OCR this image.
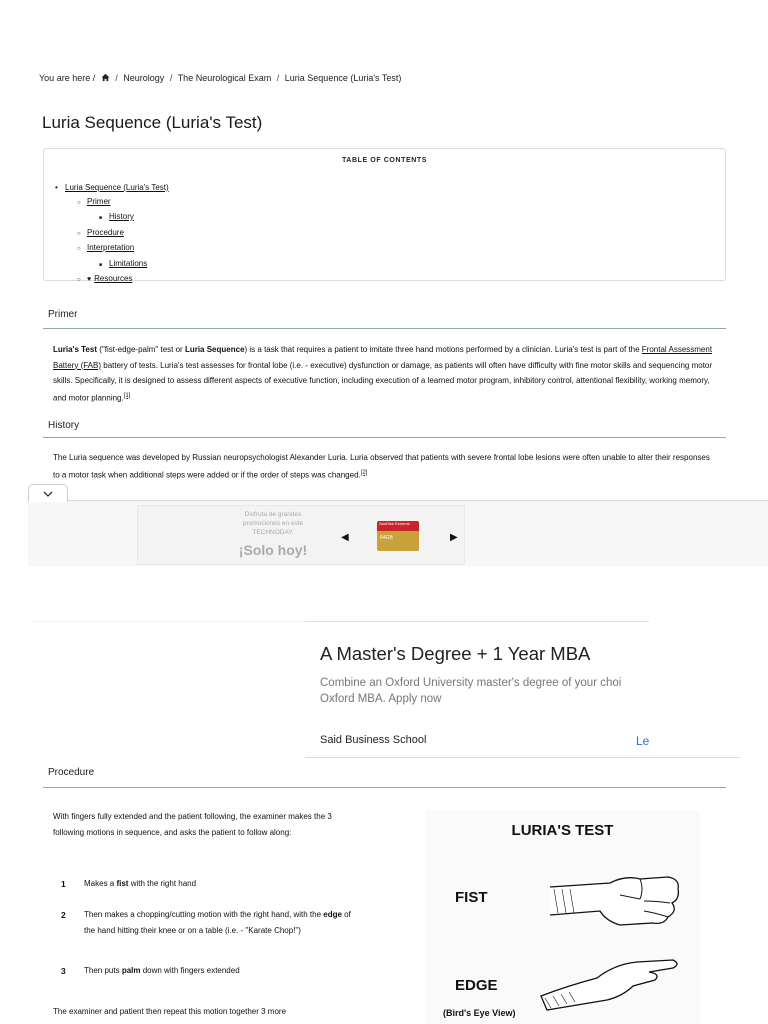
You are here / / Neurology / The Neurological Exam / Luria Sequence (Luria's Test)
Luria Sequence (Luria's Test)
TABLE OF CONTENTS
•Luria Sequence (Luria's Test)
○Primer
■History
○Procedure
○Interpretation
■Limitations
○♥ Resources
Primer

Luria's Test ("fist-edge-palm" test or Luria Sequence) is a task that requires a patient to imitate three hand motions performed by a clinician. Luria's test is part of the Frontal Assessment Battery (FAB) battery of tests. Luria's test assesses for frontal lobe (i.e. - executive) dysfunction or damage, as patients will often have difficulty with fine motor skills and sequencing motor skills. Specifically, it is designed to assess different aspects of executive function, including execution of a learned motor program, inhibitory control, attentional flexibility, working memory, and motor planning.[1]

History

The Luria sequence was developed by Russian neuropsychologist Alexander Luria. Luria observed that patients with severe frontal lobe lesions were often unable to alter their responses to a motor task when additional steps were added or if the order of steps was changed.[2]

Disfruta de grandes promociones en este TECHNODAY.
¡Solo hoy!
◀
SanDisk Extreme
64GB	▶
A Master's Degree + 1 Year MBA
Combine an Oxford University master's degree of your choi
Oxford MBA. Apply now
Said Business School	Le
Procedure

With fingers fully extended and the patient following, the examiner makes the 3 following motions in sequence, and asks the patient to follow along:

1 Makes a fist with the right hand
2 Then makes a chopping/cutting motion with the right hand, with the edge of the hand hitting their knee or on a table (i.e. - "Karate Chop!")
3 Then puts palm down with fingers extended

The examiner and patient then repeat this motion together 3 more

LURIA'S TEST
FIST
EDGE
(Bird's Eye View)
